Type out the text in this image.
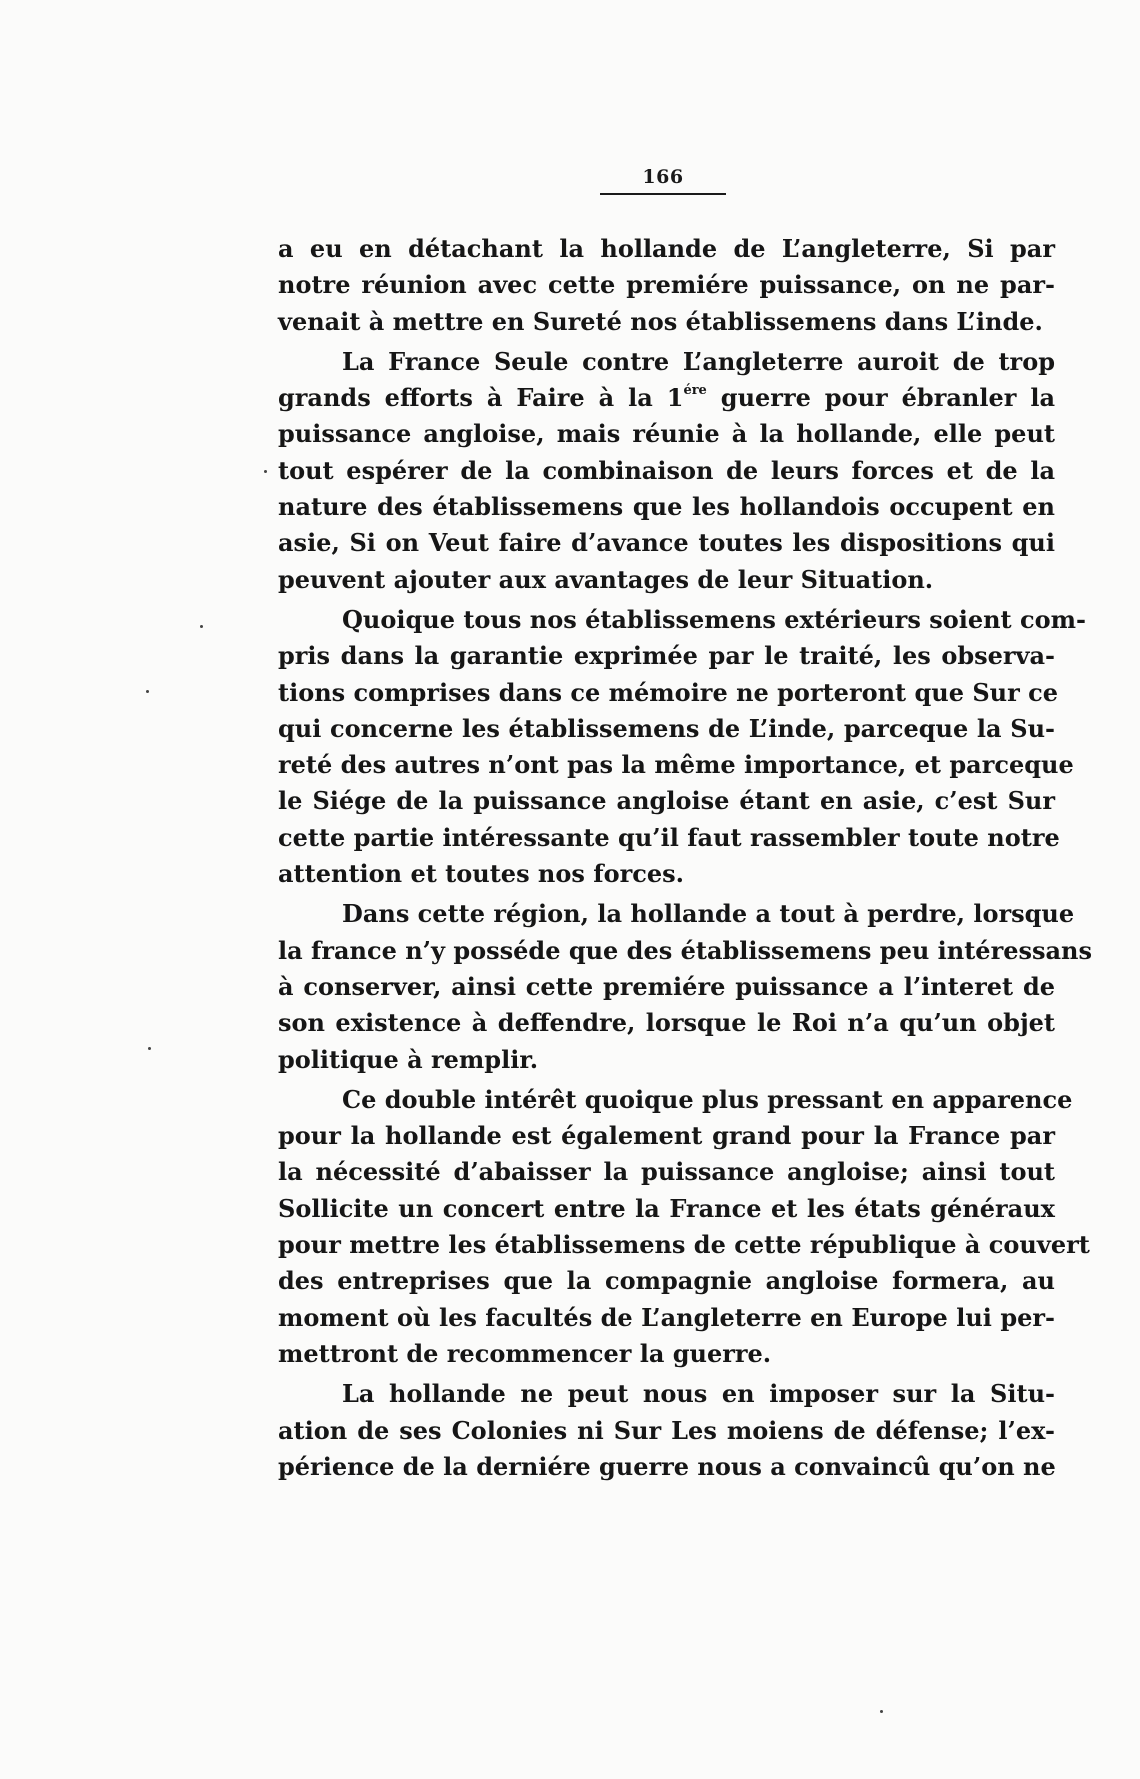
166
a eu en détachant la hollande de L’angleterre, Si par
notre réunion avec cette premiére puissance, on ne par-
venait à mettre en Sureté nos établissemens dans L’inde.
La France Seule contre L’angleterre auroit de trop
grands efforts à Faire à la $1^{ére}$ guerre pour ébranler la
puissance angloise, mais réunie à la hollande, elle peut
tout espérer de la combinaison de leurs forces et de la
nature des établissemens que les hollandois occupent en
asie, Si on Veut faire d’avance toutes les dispositions qui
peuvent ajouter aux avantages de leur Situation.
Quoique tous nos établissemens extérieurs soient com-
pris dans la garantie exprimée par le traité, les observa-
tions comprises dans ce mémoire ne porteront que Sur ce
qui concerne les établissemens de L’inde, parceque la Su-
reté des autres n’ont pas la même importance, et parceque
le Siége de la puissance angloise étant en asie, c’est Sur
cette partie intéressante qu’il faut rassembler toute notre
attention et toutes nos forces.
Dans cette région, la hollande a tout à perdre, lorsque
la france n’y posséde que des établissemens peu intéressans
à conserver, ainsi cette premiére puissance a l’interet de
son existence à deffendre, lorsque le Roi n’a qu’un objet
politique à remplir.
Ce double intérêt quoique plus pressant en apparence
pour la hollande est également grand pour la France par
la nécessité d’abaisser la puissance angloise; ainsi tout
Sollicite un concert entre la France et les états généraux
pour mettre les établissemens de cette république à couvert
des entreprises que la compagnie angloise formera, au
moment où les facultés de L’angleterre en Europe lui per-
mettront de recommencer la guerre.
La hollande ne peut nous en imposer sur la Situ-
ation de ses Colonies ni Sur Les moiens de défense; l’ex-
périence de la derniére guerre nous a convaincû qu’on ne
